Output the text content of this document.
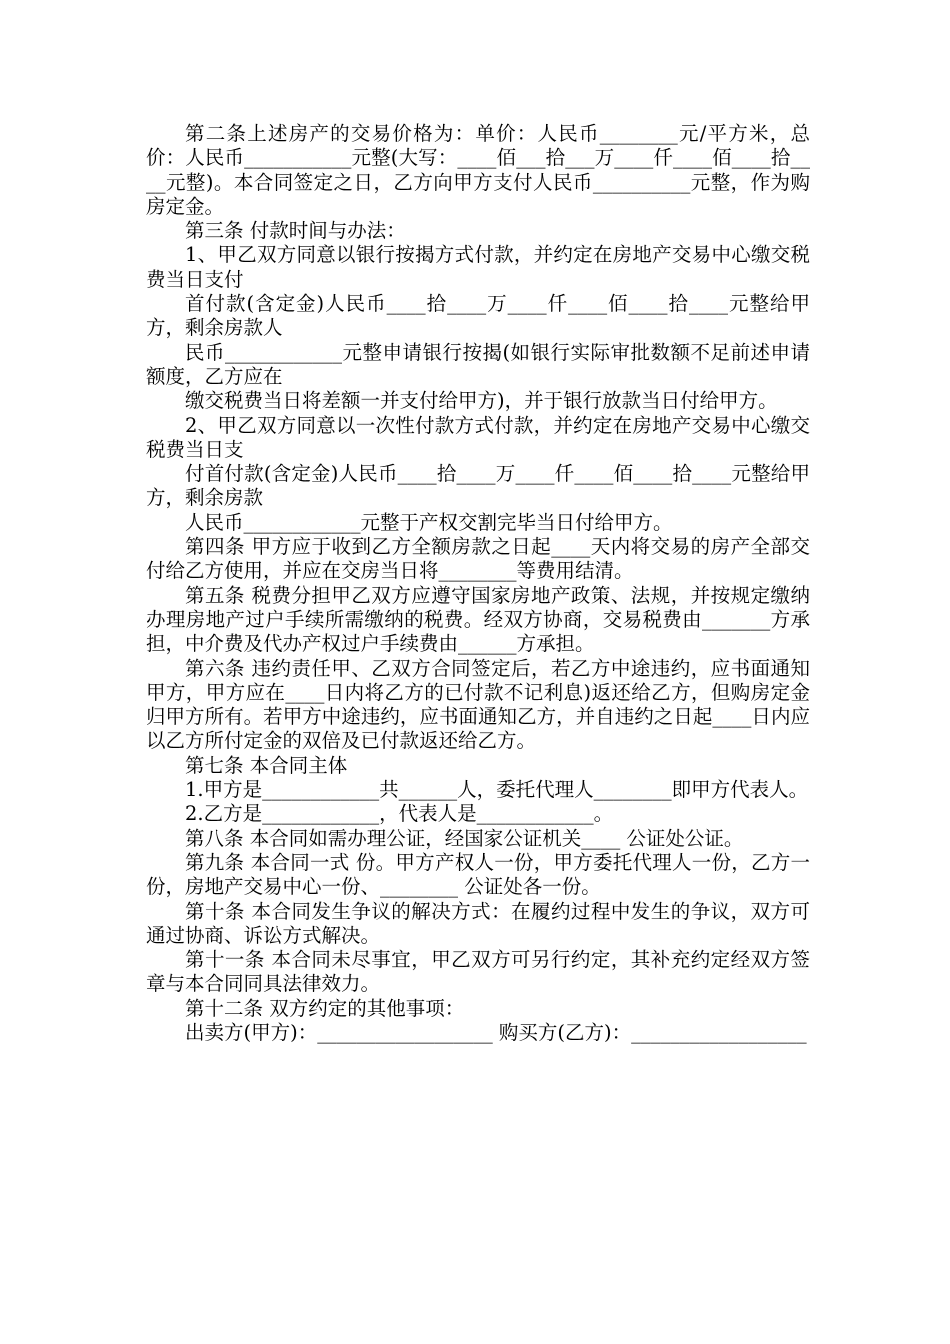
第二条上述房产的交易价格为：单价：人民币________元/平方米，总价：人民币___________元整(大写：____佰___拾___万____仟____佰____拾____元整)。本合同签定之日，乙方向甲方支付人民币__________元整，作为购房定金。

第三条 付款时间与办法：

1、甲乙双方同意以银行按揭方式付款，并约定在房地产交易中心缴交税费当日支付

首付款(含定金)人民币____拾____万____仟____佰____拾____元整给甲方，剩余房款人

民币____________元整申请银行按揭(如银行实际审批数额不足前述申请额度，乙方应在

缴交税费当日将差额一并支付给甲方)，并于银行放款当日付给甲方。

2、甲乙双方同意以一次性付款方式付款，并约定在房地产交易中心缴交税费当日支

付首付款(含定金)人民币____拾____万____仟____佰____拾____元整给甲方，剩余房款

人民币____________元整于产权交割完毕当日付给甲方。

第四条 甲方应于收到乙方全额房款之日起____天内将交易的房产全部交付给乙方使用，并应在交房当日将________等费用结清。

第五条 税费分担甲乙双方应遵守国家房地产政策、法规，并按规定缴纳办理房地产过户手续所需缴纳的税费。经双方协商，交易税费由_______方承担，中介费及代办产权过户手续费由______方承担。

第六条 违约责任甲、乙双方合同签定后，若乙方中途违约，应书面通知甲方，甲方应在____日内将乙方的已付款不记利息)返还给乙方，但购房定金归甲方所有。若甲方中途违约，应书面通知乙方，并自违约之日起____日内应以乙方所付定金的双倍及已付款返还给乙方。

第七条 本合同主体

1.甲方是____________共______人，委托代理人________即甲方代表人。

2.乙方是____________，代表人是____________。

第八条 本合同如需办理公证，经国家公证机关____ 公证处公证。

第九条 本合同一式 份。甲方产权人一份，甲方委托代理人一份，乙方一份，房地产交易中心一份、________ 公证处各一份。

第十条 本合同发生争议的解决方式：在履约过程中发生的争议，双方可通过协商、诉讼方式解决。

第十一条 本合同未尽事宜，甲乙双方可另行约定，其补充约定经双方签章与本合同同具法律效力。

第十二条 双方约定的其他事项：

出卖方(甲方)：__________________ 购买方(乙方)：__________________
